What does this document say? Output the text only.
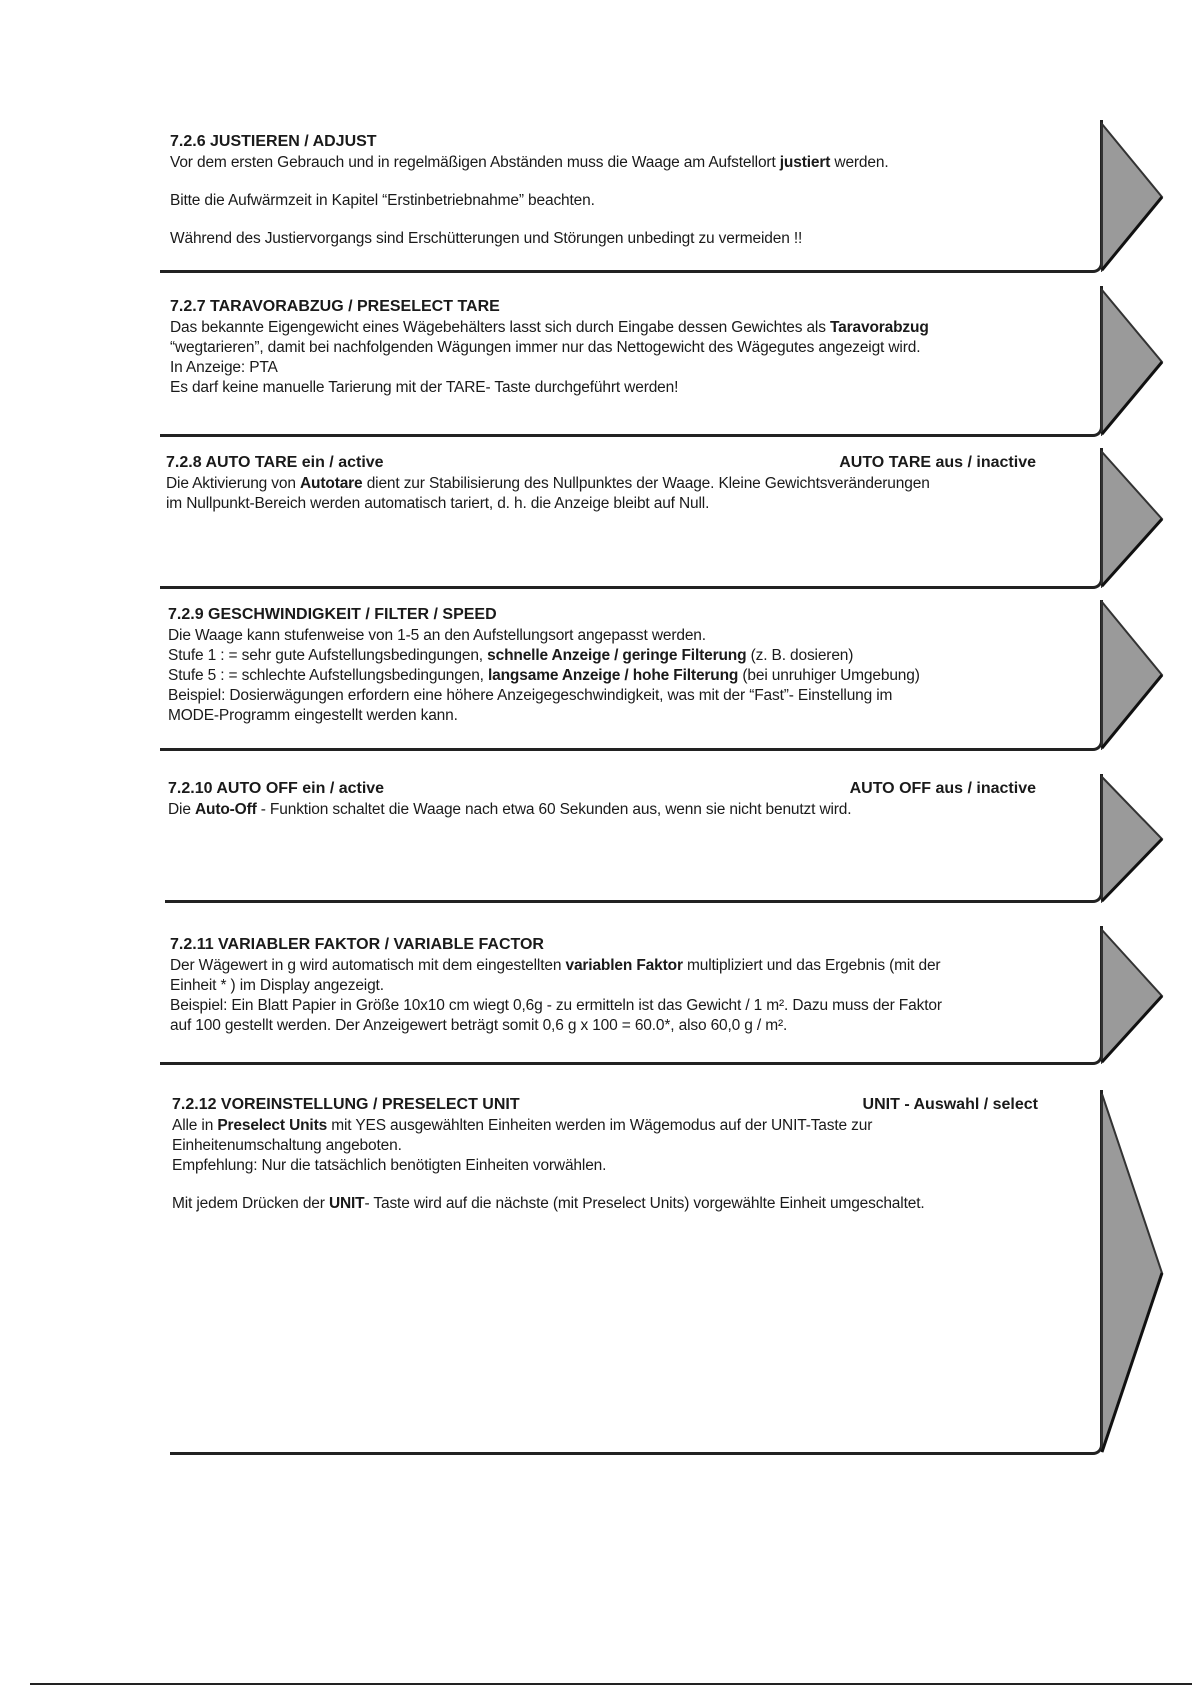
7.2.6 JUSTIEREN / ADJUST
Vor dem ersten Gebrauch und in regelmäßigen Abständen muss die Waage am Aufstellort justiert werden.
Bitte die Aufwärmzeit in Kapitel “Erstinbetriebnahme” beachten.
Während des Justiervorgangs sind Erschütterungen und Störungen unbedingt zu vermeiden !!
7.2.7 TARAVORABZUG / PRESELECT TARE
Das bekannte Eigengewicht eines Wägebehälters lasst sich durch Eingabe dessen Gewichtes als Taravorabzug
“wegtarieren”, damit bei nachfolgenden Wägungen immer nur das Nettogewicht des Wägegutes angezeigt wird.
In Anzeige: PTA
Es darf keine manuelle Tarierung mit der TARE- Taste durchgeführt werden!
7.2.8 AUTO TARE ein / active	AUTO TARE aus / inactive
Die Aktivierung von Autotare dient zur Stabilisierung des Nullpunktes der Waage. Kleine Gewichtsveränderungen
im Nullpunkt-Bereich werden automatisch tariert, d. h. die Anzeige bleibt auf Null.
7.2.9 GESCHWINDIGKEIT / FILTER / SPEED
Die Waage kann stufenweise von 1-5 an den Aufstellungsort angepasst werden.
Stufe 1 : = sehr gute Aufstellungsbedingungen, schnelle Anzeige / geringe Filterung (z. B. dosieren)
Stufe 5 : = schlechte Aufstellungsbedingungen, langsame Anzeige / hohe Filterung (bei unruhiger Umgebung)
Beispiel: Dosierwägungen erfordern eine höhere Anzeigegeschwindigkeit, was mit der “Fast”- Einstellung im
MODE-Programm eingestellt werden kann.
7.2.10 AUTO OFF ein / active	AUTO OFF aus / inactive
Die Auto-Off - Funktion schaltet die Waage nach etwa 60 Sekunden aus, wenn sie nicht benutzt wird.
7.2.11 VARIABLER FAKTOR / VARIABLE FACTOR
Der Wägewert in g wird automatisch mit dem eingestellten variablen Faktor multipliziert und das Ergebnis (mit der
Einheit * ) im Display angezeigt.
Beispiel: Ein Blatt Papier in Größe 10x10 cm wiegt 0,6g - zu ermitteln ist das Gewicht / 1 m². Dazu muss der Faktor
auf 100 gestellt werden. Der Anzeigewert beträgt somit 0,6 g x 100 = 60.0*, also 60,0 g / m².
7.2.12 VOREINSTELLUNG / PRESELECT UNIT	UNIT - Auswahl / select
Alle in Preselect Units mit YES ausgewählten Einheiten werden im Wägemodus auf der UNIT-Taste zur
Einheitenumschaltung angeboten.
Empfehlung: Nur die tatsächlich benötigten Einheiten vorwählen.
Mit jedem Drücken der UNIT- Taste wird auf die nächste (mit Preselect Units) vorgewählte Einheit umgeschaltet.
